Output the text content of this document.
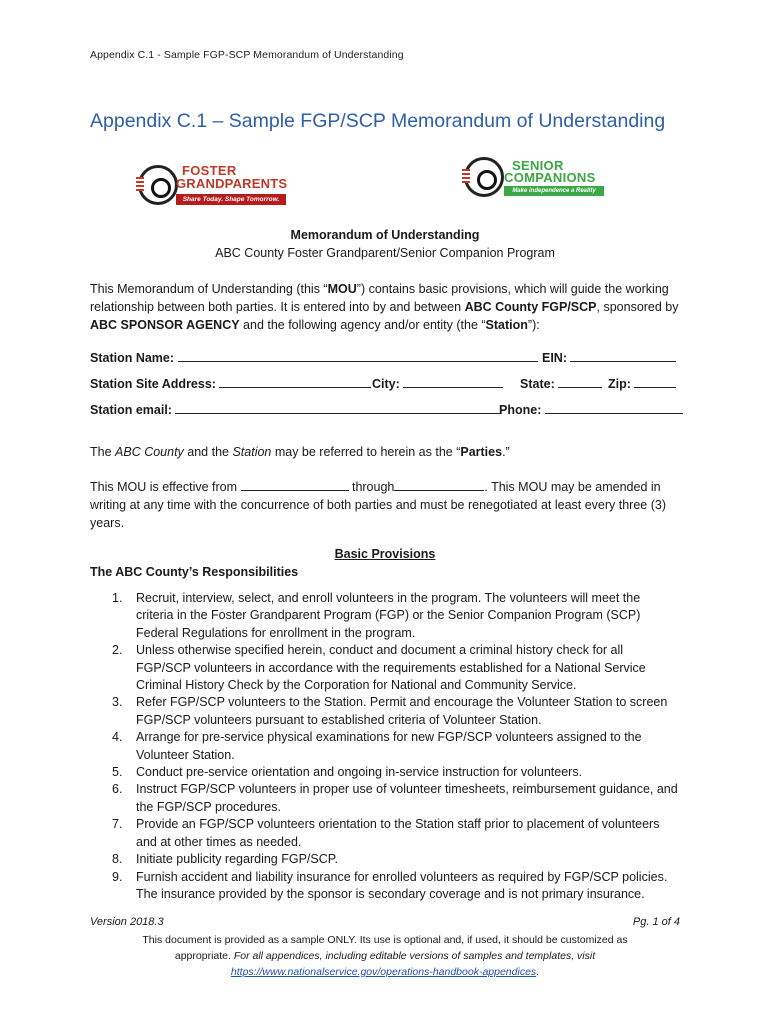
Appendix C.1 - Sample FGP-SCP Memorandum of Understanding
Appendix C.1 – Sample FGP/SCP Memorandum of Understanding
FOSTER
GRANDPARENTS
Share Today. Shape Tomorrow.
SENIOR
COMPANIONS
Make independence a Reality
Memorandum of Understanding
ABC County Foster Grandparent/Senior Companion Program
This Memorandum of Understanding (this “MOU”) contains basic provisions, which will guide the working relationship between both parties. It is entered into by and between ABC County FGP/SCP, sponsored by ABC SPONSOR AGENCY and the following agency and/or entity (the “Station”):
Station Name:	EIN:
Station Site Address:	City:	State:	Zip:
Station email:	Phone:
The ABC County and the Station may be referred to herein as the “Parties.”
This MOU is effective from	through	. This MOU may be amended in writing at any time with the concurrence of both parties and must be renegotiated at least every three (3) years.
Basic Provisions
The ABC County’s Responsibilities
1. Recruit, interview, select, and enroll volunteers in the program. The volunteers will meet the criteria in the Foster Grandparent Program (FGP) or the Senior Companion Program (SCP) Federal Regulations for enrollment in the program.
2. Unless otherwise specified herein, conduct and document a criminal history check for all FGP/SCP volunteers in accordance with the requirements established for a National Service Criminal History Check by the Corporation for National and Community Service.
3. Refer FGP/SCP volunteers to the Station. Permit and encourage the Volunteer Station to screen FGP/SCP volunteers pursuant to established criteria of Volunteer Station.
4. Arrange for pre-service physical examinations for new FGP/SCP volunteers assigned to the Volunteer Station.
5. Conduct pre-service orientation and ongoing in-service instruction for volunteers.
6. Instruct FGP/SCP volunteers in proper use of volunteer timesheets, reimbursement guidance, and the FGP/SCP procedures.
7. Provide an FGP/SCP volunteers orientation to the Station staff prior to placement of volunteers and at other times as needed.
8. Initiate publicity regarding FGP/SCP.
9. Furnish accident and liability insurance for enrolled volunteers as required by FGP/SCP policies. The insurance provided by the sponsor is secondary coverage and is not primary insurance.
Version 2018.3	Pg. 1 of 4
This document is provided as a sample ONLY. Its use is optional and, if used, it should be customized as
appropriate. For all appendices, including editable versions of samples and templates, visit
https://www.nationalservice.gov/operations-handbook-appendices.
